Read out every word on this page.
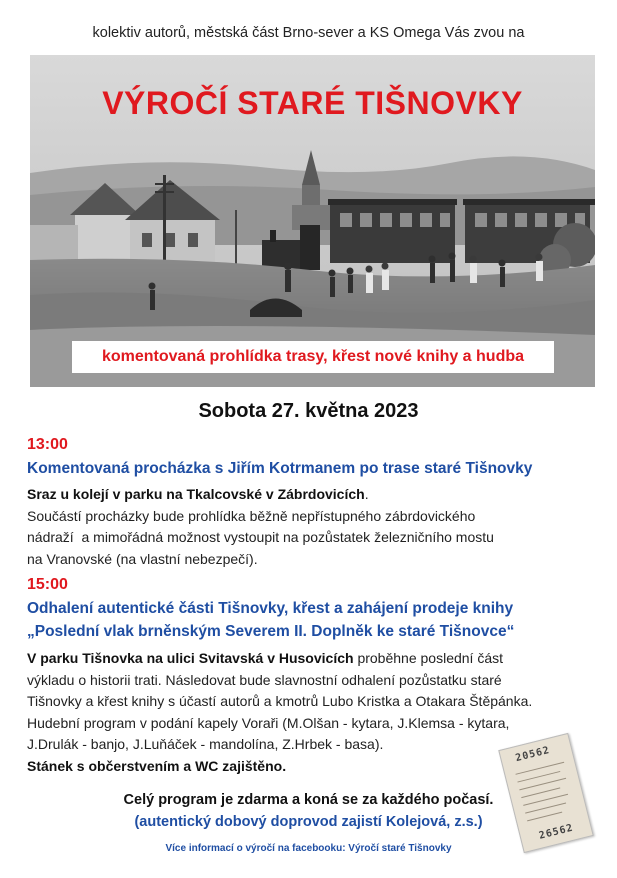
kolektiv autorů, městská část Brno-sever a KS Omega Vás zvou na
VÝROČÍ STARÉ TIŠNOVKY
komentovaná prohlídka trasy, křest nové knihy a hudba
Sobota 27. května 2023
13:00
Komentovaná procházka s Jiřím Kotrmanem po trase staré Tišnovky
Sraz u kolejí v parku na Tkalcovské v Zábrdovicích.
Součástí procházky bude prohlídka běžně nepřístupného zábrdovického
nádraží  a mimořádná možnost vystoupit na pozůstatek železničního mostu
na Vranovské (na vlastní nebezpečí).
15:00
Odhalení autentické části Tišnovky, křest a zahájení prodeje knihy
„Poslední vlak brněnským Severem II. Doplněk ke staré Tišnovce“
V parku Tišnovka na ulici Svitavská v Husovicích proběhne poslední část
výkladu o historii trati. Následovat bude slavnostní odhalení pozůstatku staré
Tišnovky a křest knihy s účastí autorů a kmotrů Lubo Kristka a Otakara Štěpánka.
Hudební program v podání kapely Voraři (M.Olšan - kytara, J.Klemsa - kytara,
J.Drulák - banjo, J.Luňáček - mandolína, Z.Hrbek - basa).
Stánek s občerstvením a WC zajištěno.
20562
26562
Celý program je zdarma a koná se za každého počasí.
(autentický dobový doprovod zajistí Kolejová, z.s.)
Více informací o výročí na facebooku: Výročí staré Tišnovky
